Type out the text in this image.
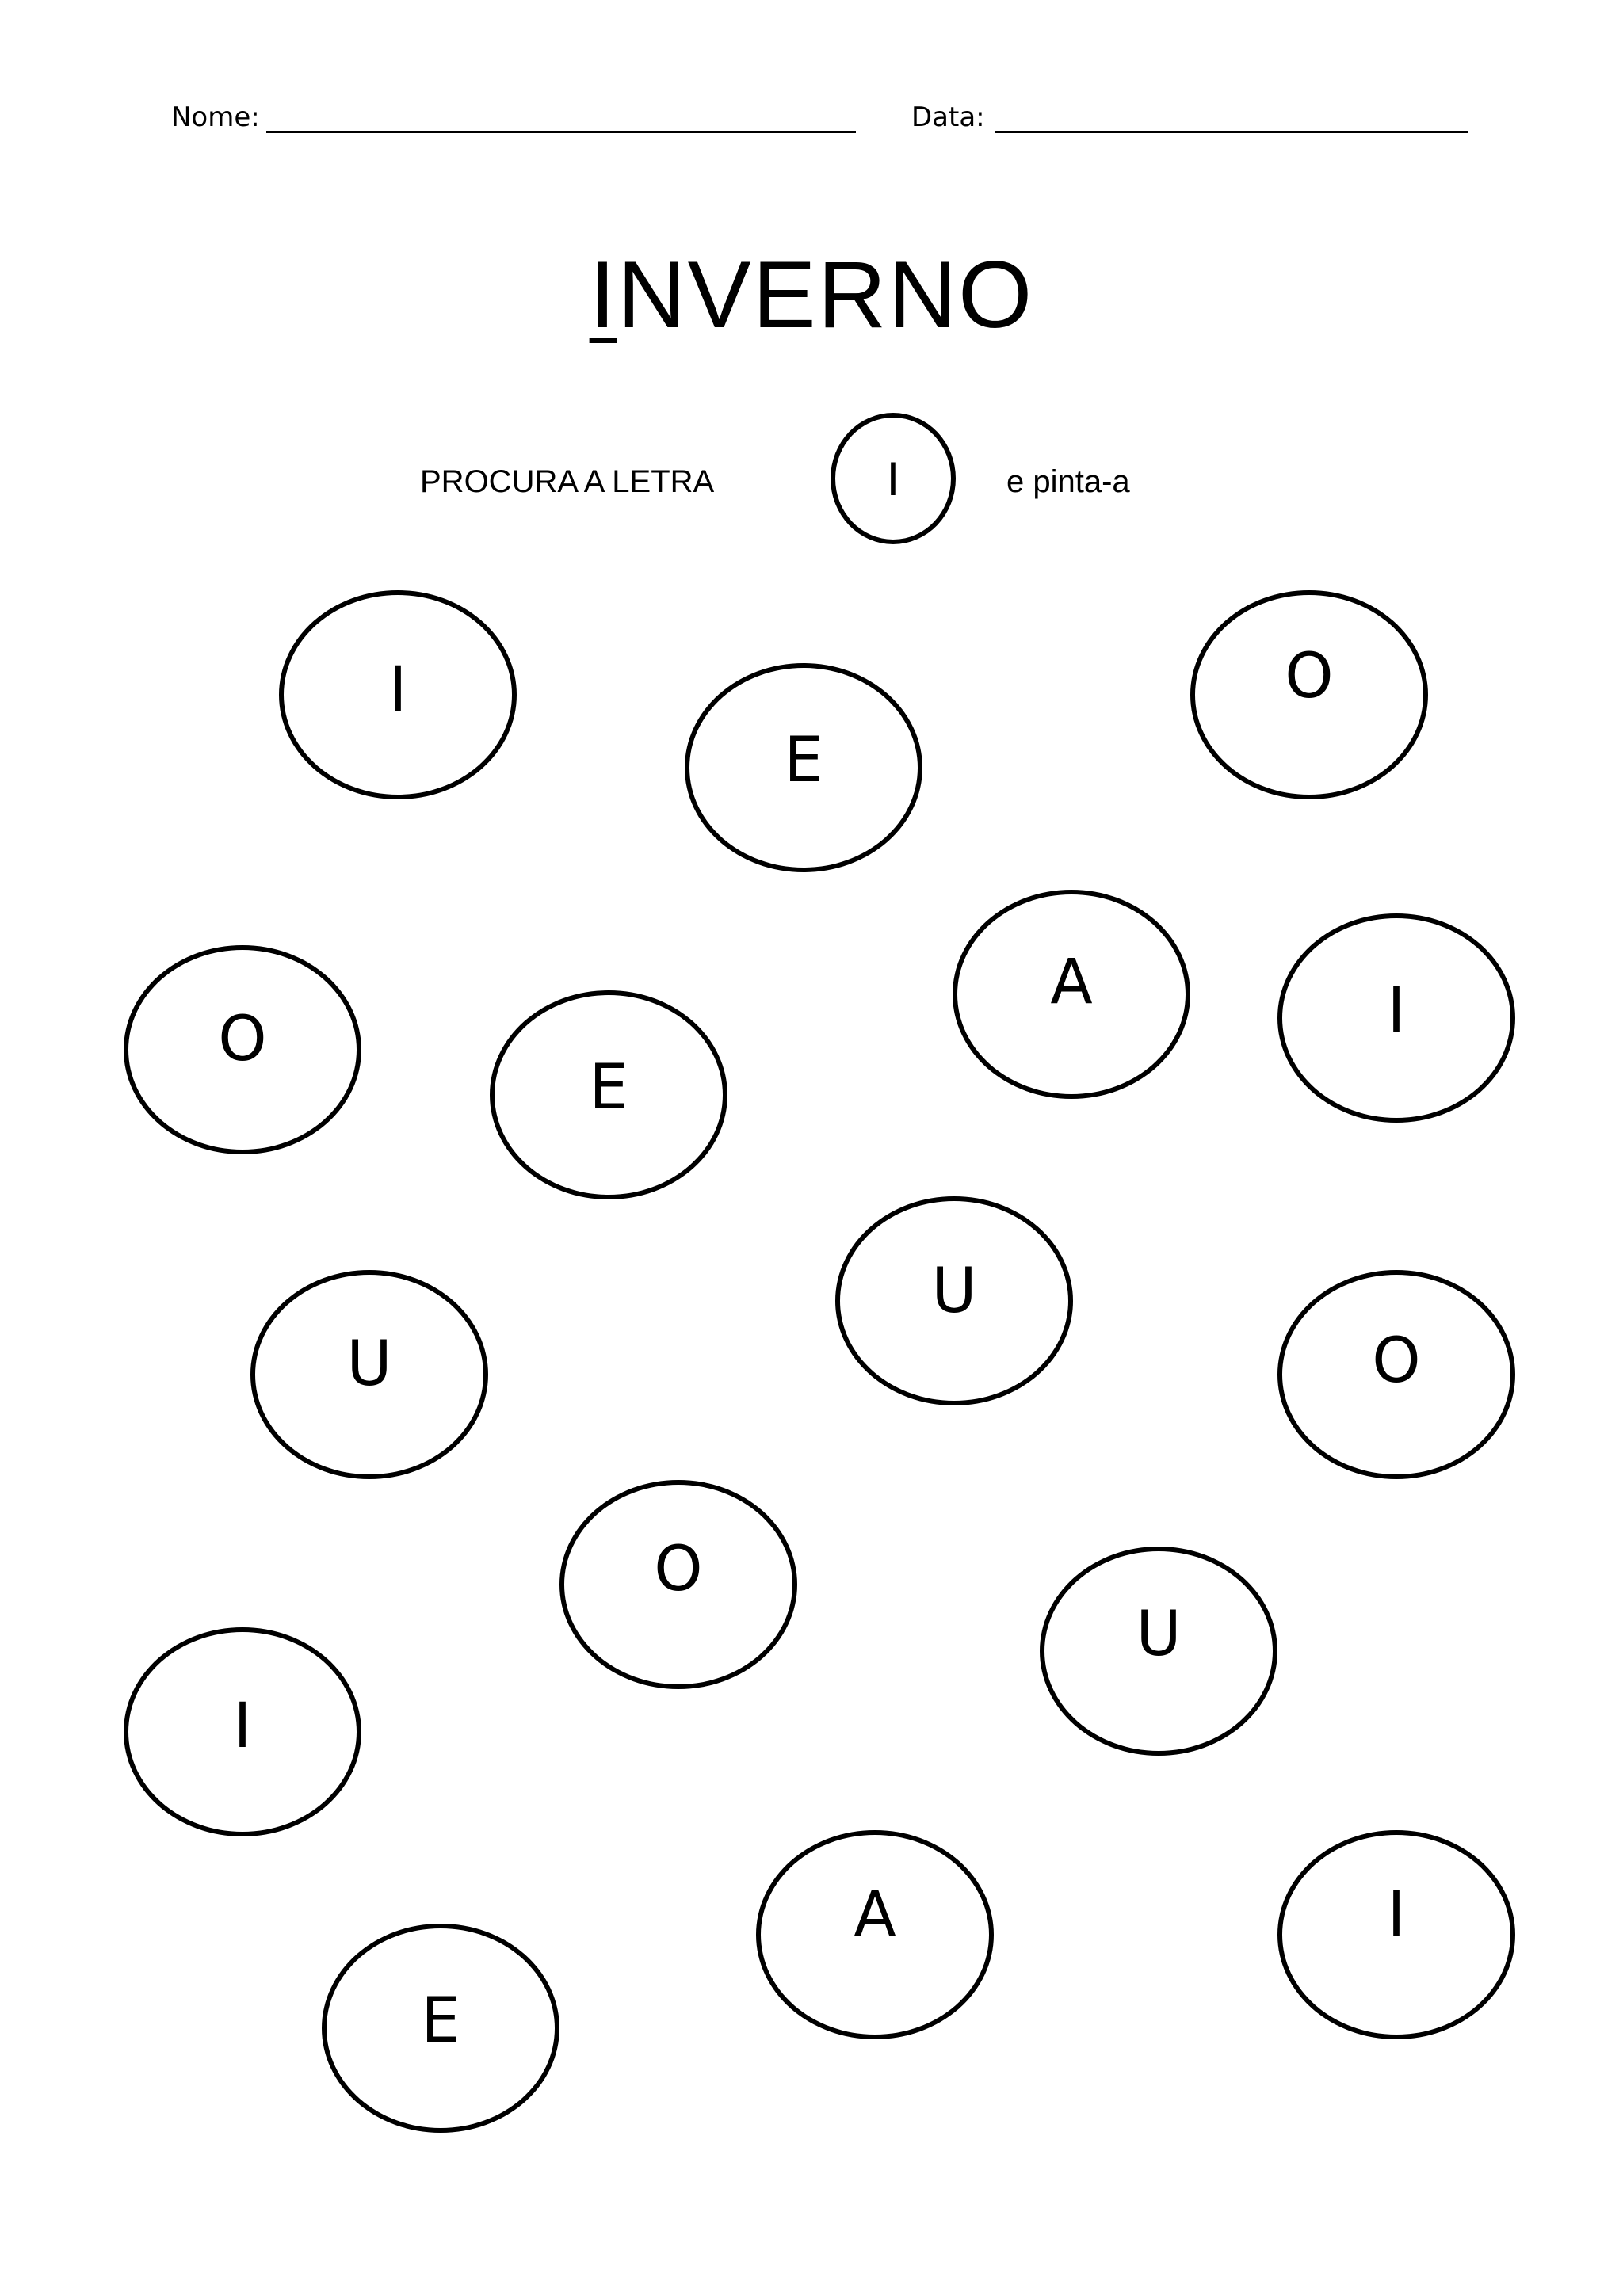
Nome:	Data:
INVERNO
PROCURA A LETRA	I	e pinta-a
I
E
O
A	I
O
E
U
U	O
O
U
I
A	I
E
